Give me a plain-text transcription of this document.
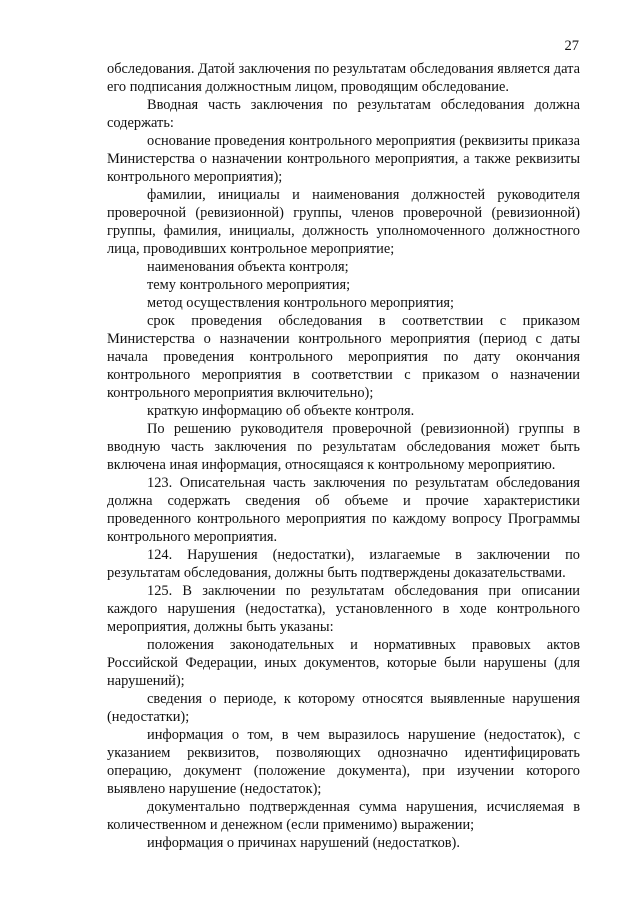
27

обследования. Датой заключения по результатам обследования является дата его подписания должностным лицом, проводящим обследование.

Вводная часть заключения по результатам обследования должна содержать:

основание проведения контрольного мероприятия (реквизиты приказа Министерства о назначении контрольного мероприятия, а также реквизиты контрольного мероприятия);

фамилии, инициалы и наименования должностей руководителя проверочной (ревизионной) группы, членов проверочной (ревизионной) группы, фамилия, инициалы, должность уполномоченного должностного лица, проводивших контрольное мероприятие;

наименования объекта контроля;

тему контрольного мероприятия;

метод осуществления контрольного мероприятия;

срок проведения обследования в соответствии с приказом Министерства о назначении контрольного мероприятия (период с даты начала проведения контрольного мероприятия по дату окончания контрольного мероприятия в соответствии с приказом о назначении контрольного мероприятия включительно);

краткую информацию об объекте контроля.

По решению руководителя проверочной (ревизионной) группы в вводную часть заключения по результатам обследования может быть включена иная информация, относящаяся к контрольному мероприятию.

123. Описательная часть заключения по результатам обследования должна содержать сведения об объеме и прочие характеристики проведенного контрольного мероприятия по каждому вопросу Программы контрольного мероприятия.

124. Нарушения (недостатки), излагаемые в заключении по результатам обследования, должны быть подтверждены доказательствами.

125. В заключении по результатам обследования при описании каждого нарушения (недостатка), установленного в ходе контрольного мероприятия, должны быть указаны:

положения законодательных и нормативных правовых актов Российской Федерации, иных документов, которые были нарушены (для нарушений);

сведения о периоде, к которому относятся выявленные нарушения (недостатки);

информация о том, в чем выразилось нарушение (недостаток), с указанием реквизитов, позволяющих однозначно идентифицировать операцию, документ (положение документа), при изучении которого выявлено нарушение (недостаток);

документально подтвержденная сумма нарушения, исчисляемая в количественном и денежном (если применимо) выражении;

информация о причинах нарушений (недостатков).
